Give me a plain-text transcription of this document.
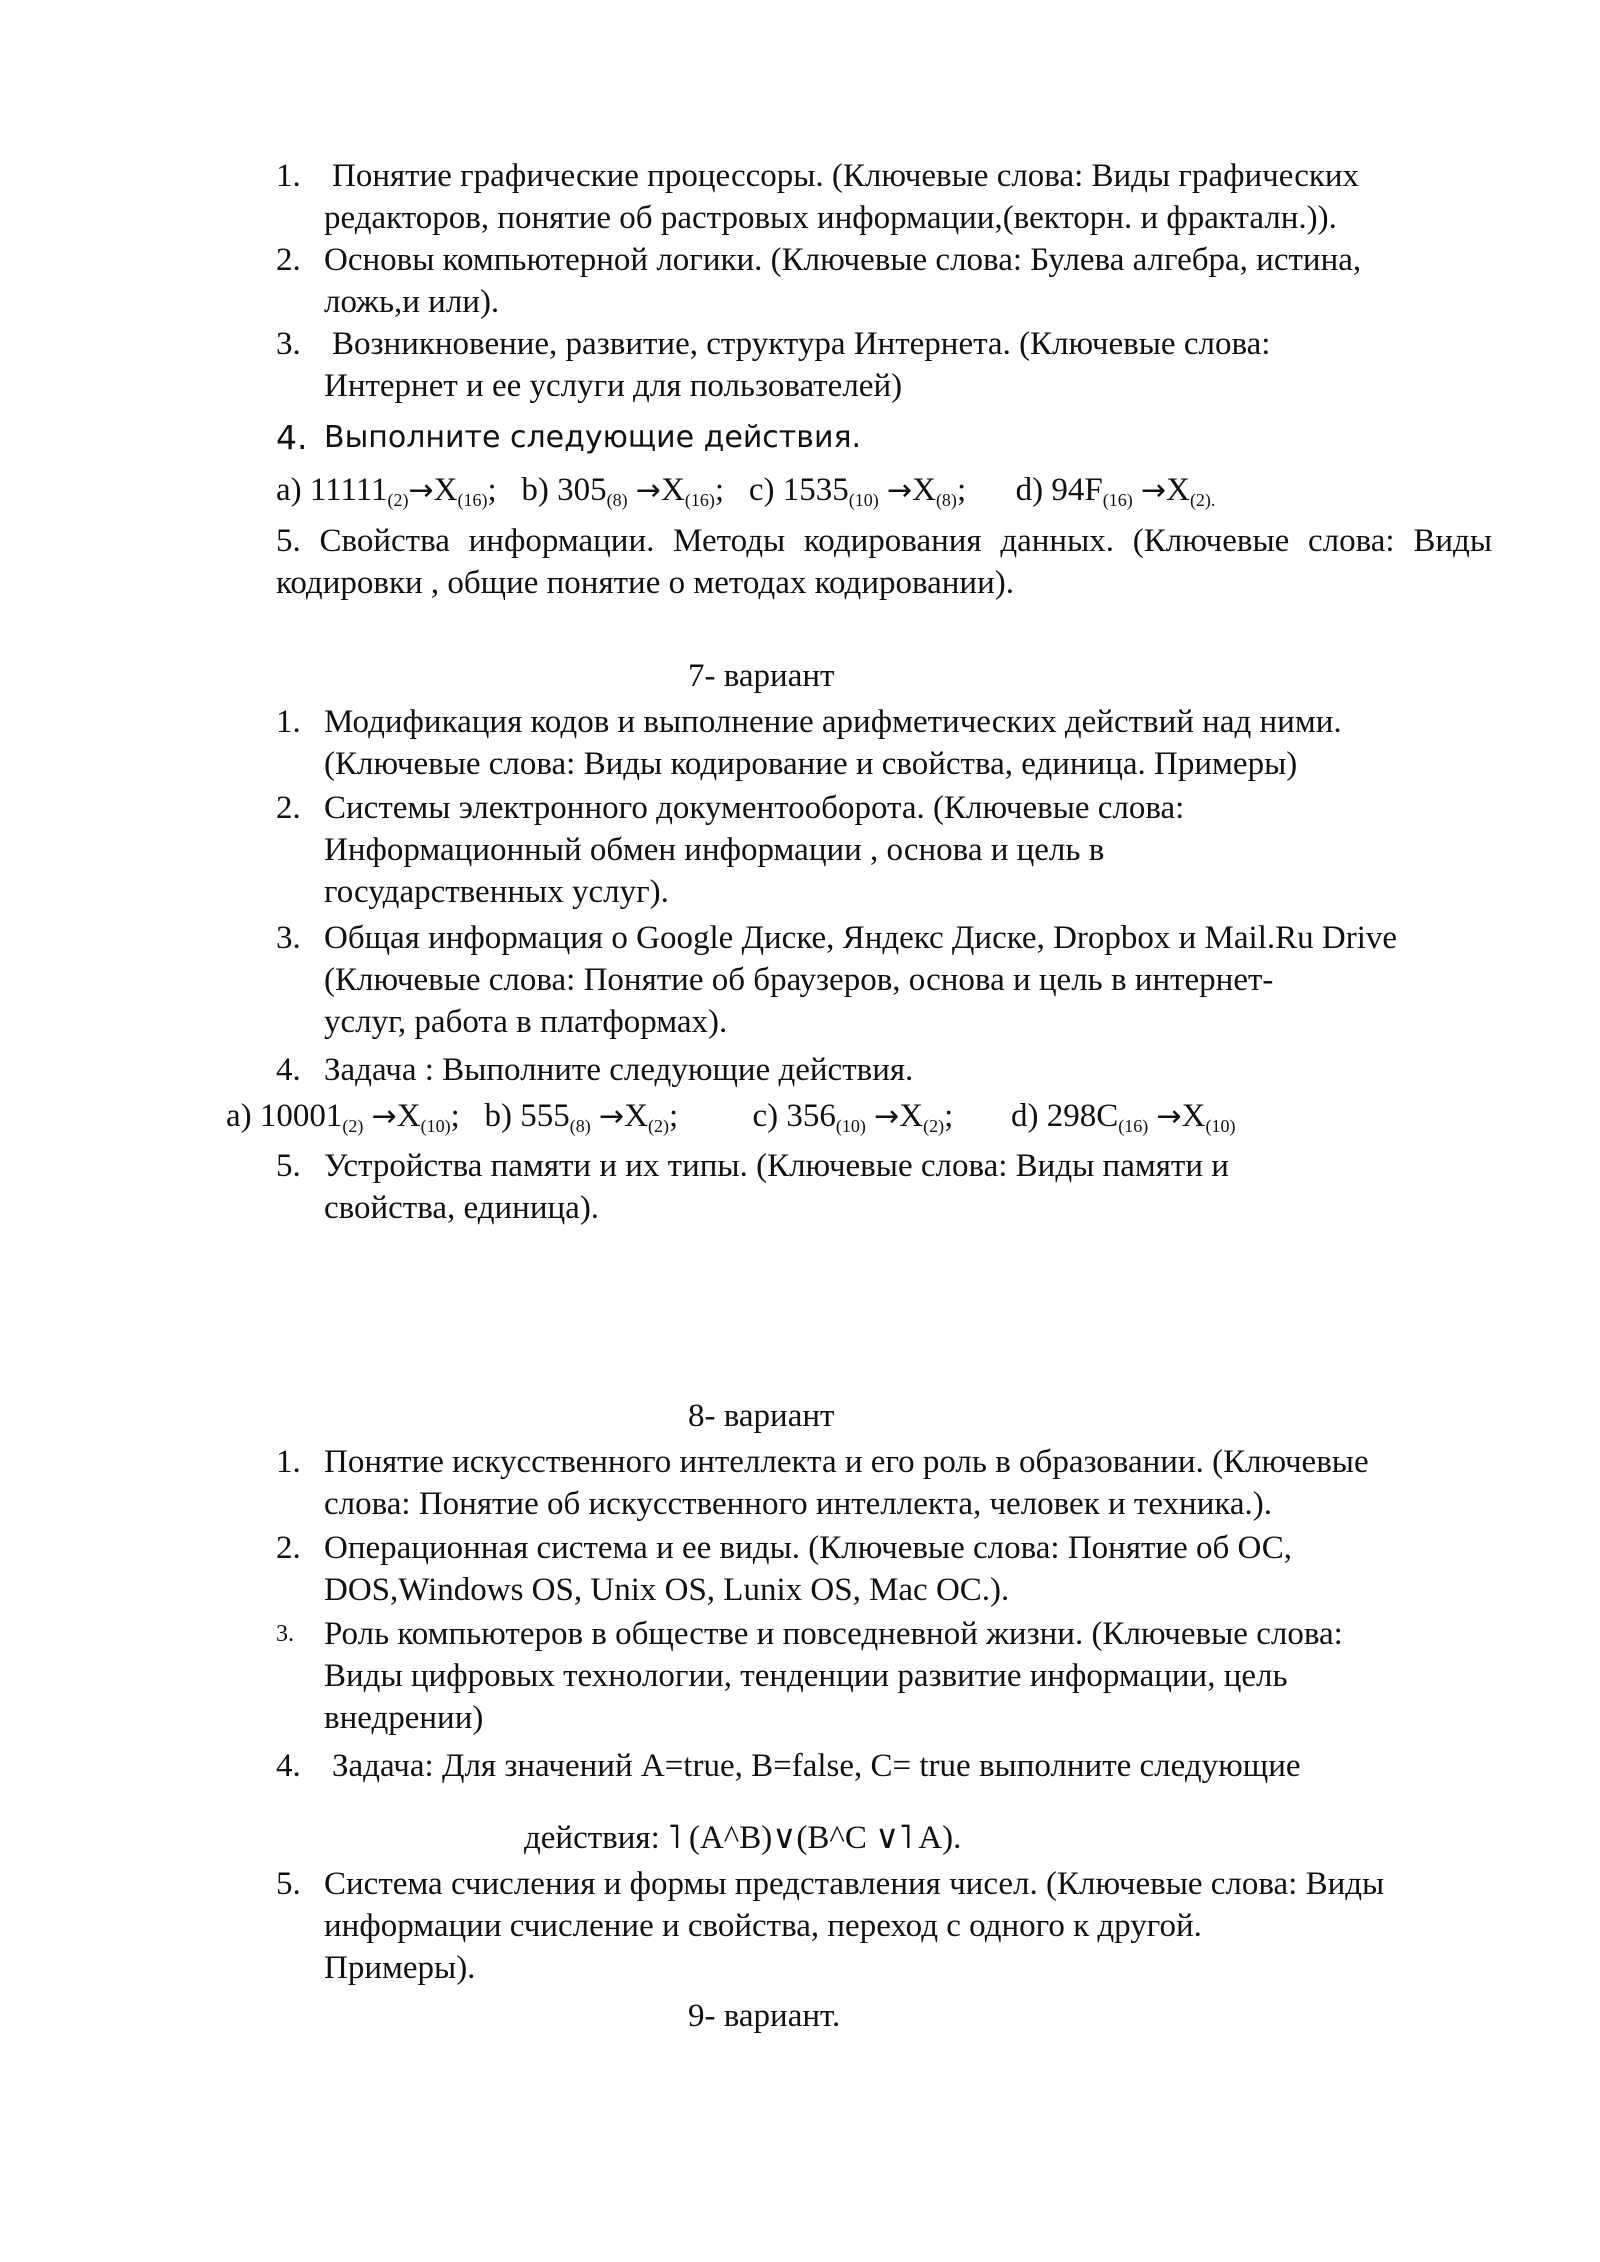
1. Понятие графические процессоры. (Ключевые слова: Виды графических
редакторов, понятие об растровых информации,(векторн. и фракталн.)).
2. Основы компьютерной логики. (Ключевые слова: Булева алгебра, истина,
ложь,и или).
3. Возникновение, развитие, структура Интернета. (Ключевые слова:
Интернет и ее услуги для пользователей)
4. Выполните следующие действия.
a) $11111_{(2)}\to X_{(16)}$; b) $305_{(8)} \to X_{(16)}$; c) $1535_{(10)} \to X_{(8)}$; d) $94F_{(16)} \to X_{(2).}$
5. Свойства информации. Методы кодирования данных. (Ключевые слова: Виды кодировки , общие понятие о методах кодировании).
7- вариант
1. Модификация кодов и выполнение арифметических действий над ними.
(Ключевые слова: Виды кодирование и свойства, единица. Примеры)
2. Системы электронного документооборота. (Ключевые слова:
Информационный обмен информации , основа и цель в
государственных услуг).
3. Общая информация о Google Диске, Яндекс Диске, Dropbox и Mail.Ru Drive
(Ключевые слова: Понятие об браузеров, основа и цель в интернет-
услуг, работа в платформах).
4. Задача : Выполните следующие действия.
a) $10001_{(2)} \to X_{(10)}$; b) $555_{(8)} \to X_{(2)}$; c) $356_{(10)} \to X_{(2)}$; d) $298C_{(16)} \to X_{(10)}$
5. Устройства памяти и их типы. (Ключевые слова: Виды памяти и
свойства, единица).
8- вариант
1. Понятие искусственного интеллекта и его роль в образовании. (Ключевые
слова: Понятие об искусственного интеллекта, человек и техника.).
2. Операционная система и ее виды. (Ключевые слова: Понятие об ОС,
DOS,Windows OS, Unix OS, Lunix OS, Mac OC.).
3. Роль компьютеров в обществе и повседневной жизни. (Ключевые слова:
Виды цифровых технологии, тенденции развитие информации, цель
внедрении)
4. Задача: Для значений A=true, B=false, C= true выполните следующие
действия: ˥ (A^B)∨(B^C ∨˥ A).
5. Система счисления и формы представления чисел. (Ключевые слова: Виды
информации счисление и свойства, переход с одного к другой.
Примеры).
9- вариант.
